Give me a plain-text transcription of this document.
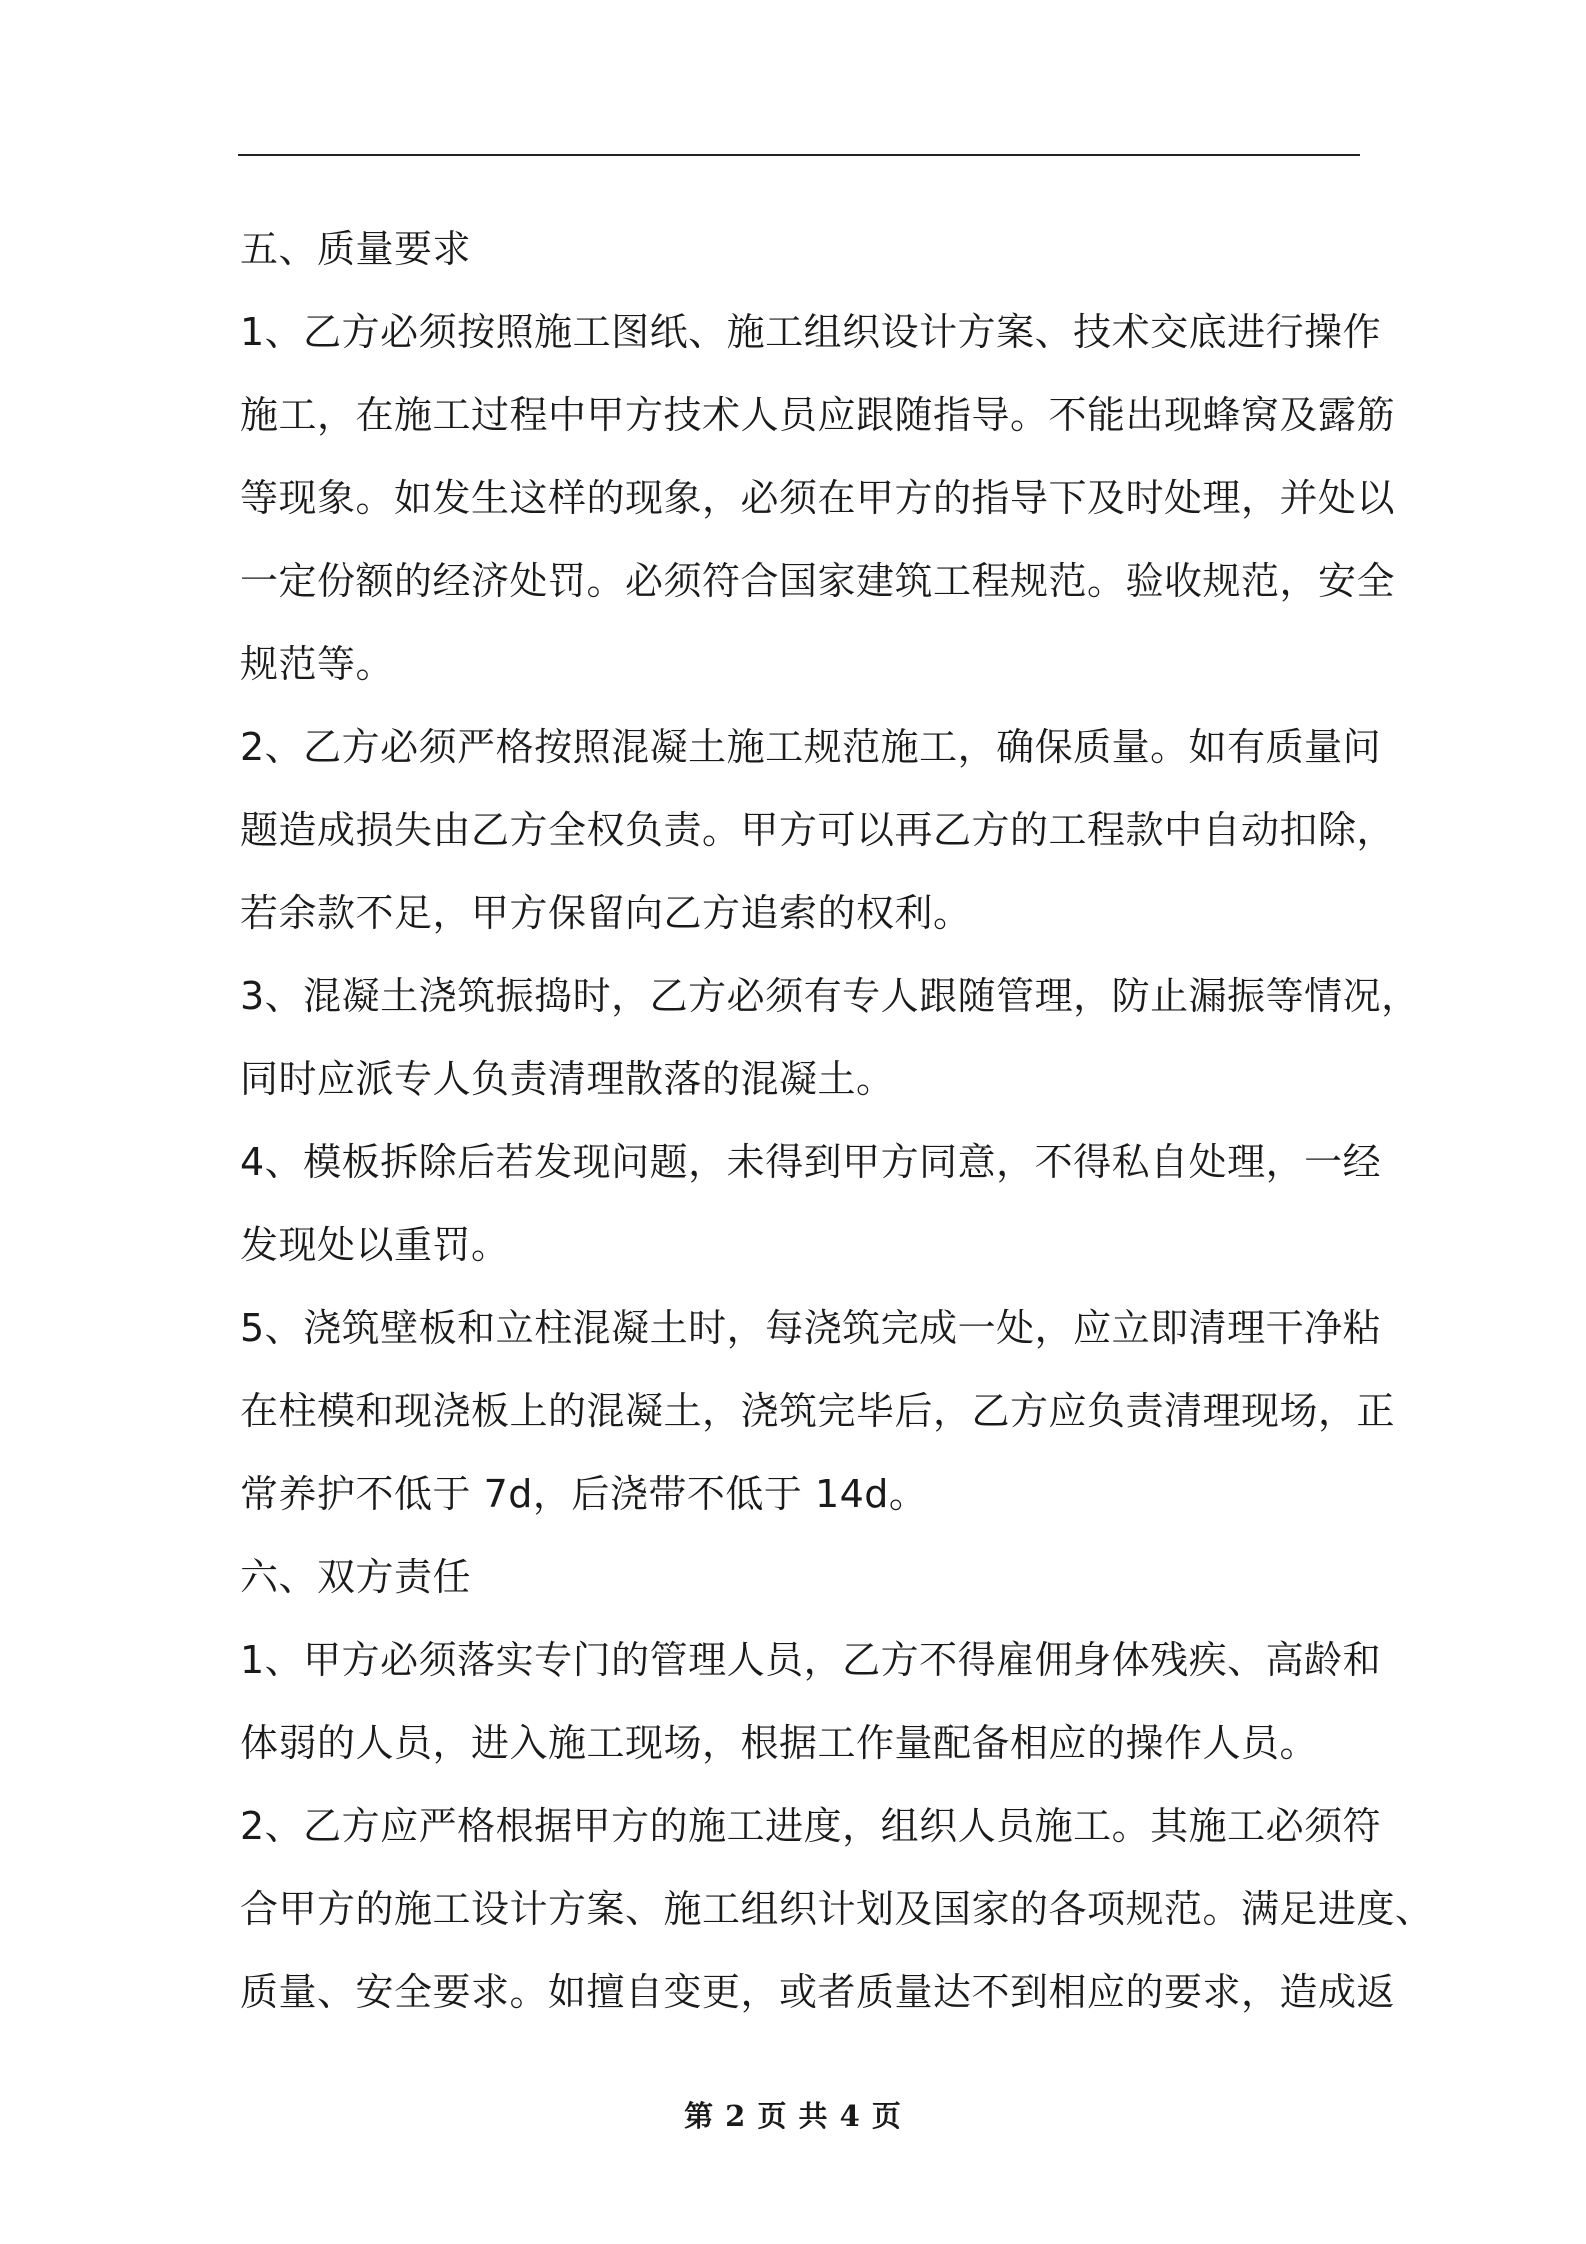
五、质量要求

1、乙方必须按照施工图纸、施工组织设计方案、技术交底进行操作

施工，在施工过程中甲方技术人员应跟随指导。不能出现蜂窝及露筋

等现象。如发生这样的现象，必须在甲方的指导下及时处理，并处以

一定份额的经济处罚。必须符合国家建筑工程规范。验收规范，安全

规范等。

2、乙方必须严格按照混凝土施工规范施工，确保质量。如有质量问

题造成损失由乙方全权负责。甲方可以再乙方的工程款中自动扣除，

若余款不足，甲方保留向乙方追索的权利。

3、混凝土浇筑振捣时，乙方必须有专人跟随管理，防止漏振等情况，

同时应派专人负责清理散落的混凝土。

4、模板拆除后若发现问题，未得到甲方同意，不得私自处理，一经

发现处以重罚。

5、浇筑壁板和立柱混凝土时，每浇筑完成一处，应立即清理干净粘

在柱模和现浇板上的混凝土，浇筑完毕后，乙方应负责清理现场，正

常养护不低于 7d，后浇带不低于 14d。

六、双方责任

1、甲方必须落实专门的管理人员，乙方不得雇佣身体残疾、高龄和

体弱的人员，进入施工现场，根据工作量配备相应的操作人员。

2、乙方应严格根据甲方的施工进度，组织人员施工。其施工必须符

合甲方的施工设计方案、施工组织计划及国家的各项规范。满足进度、

质量、安全要求。如擅自变更，或者质量达不到相应的要求，造成返

第 2 页 共 4 页
